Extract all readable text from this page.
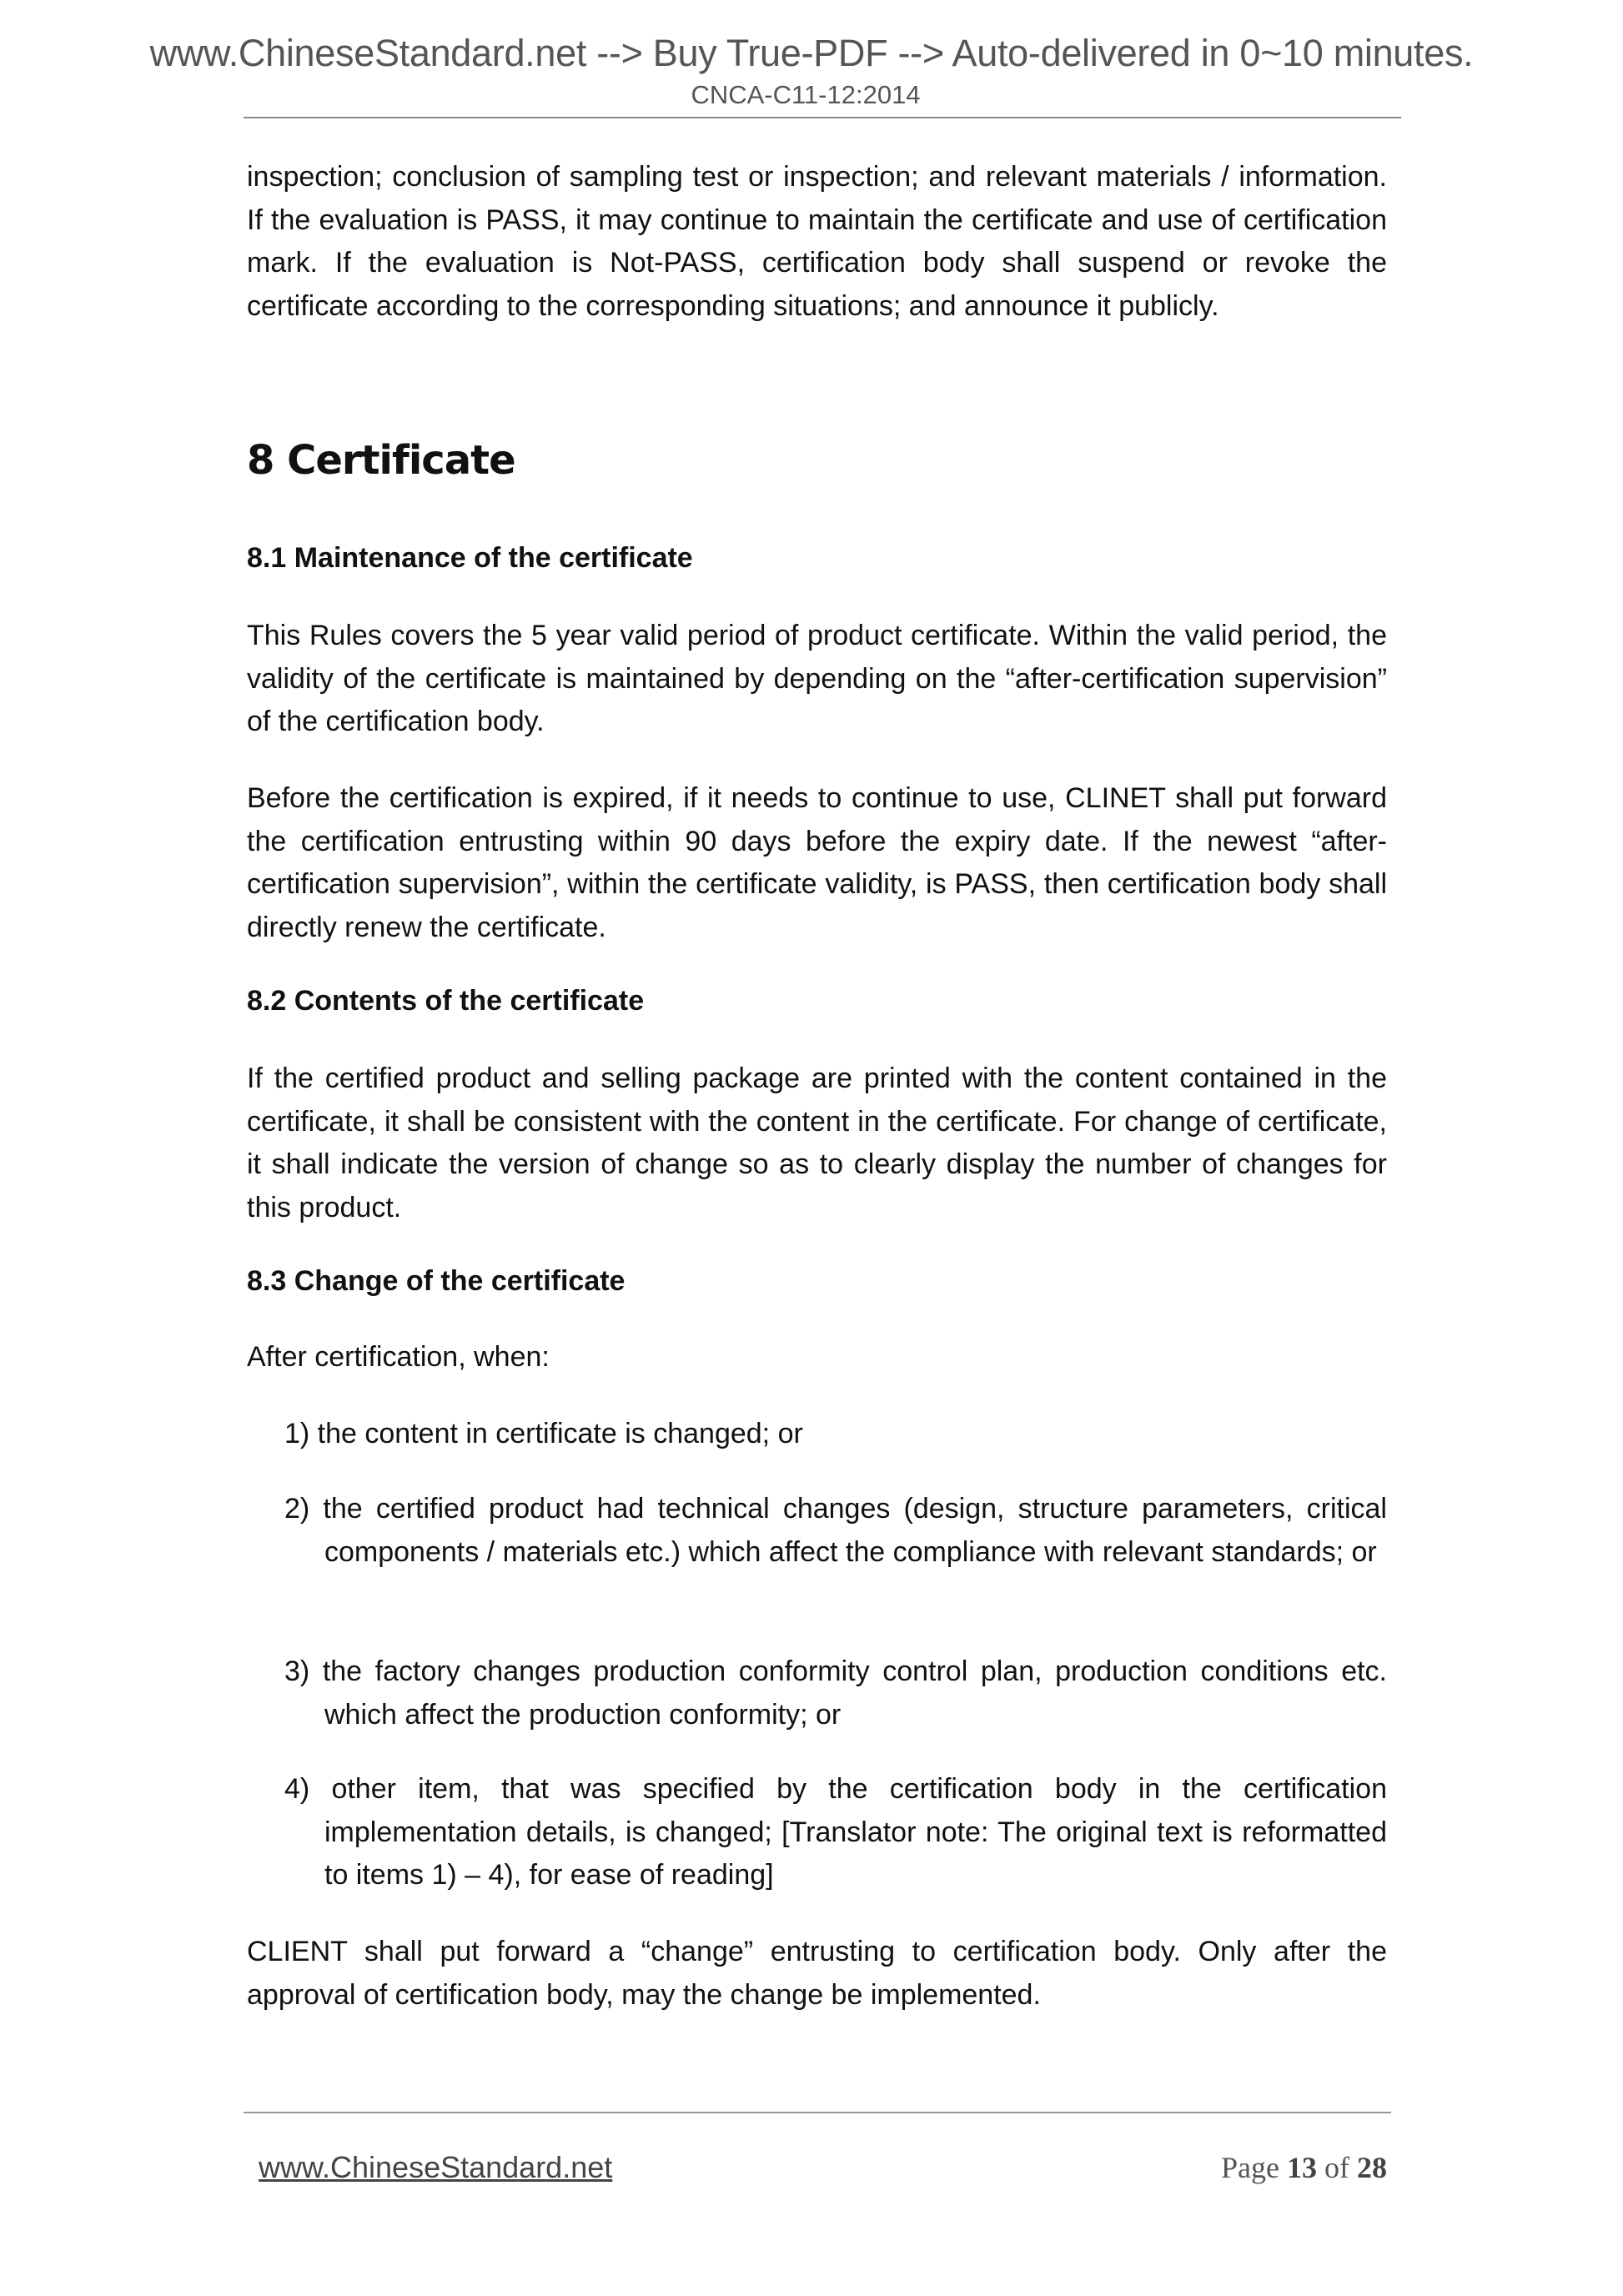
www.ChineseStandard.net --> Buy True-PDF --> Auto-delivered in 0~10 minutes.
CNCA-C11-12:2014
inspection; conclusion of sampling test or inspection; and relevant materials / information. If the evaluation is PASS, it may continue to maintain the certificate and use of certification mark. If the evaluation is Not-PASS, certification body shall suspend or revoke the certificate according to the corresponding situations; and announce it publicly.
8 Certificate
8.1 Maintenance of the certificate
This Rules covers the 5 year valid period of product certificate. Within the valid period, the validity of the certificate is maintained by depending on the “after-certification supervision” of the certification body.
Before the certification is expired, if it needs to continue to use, CLINET shall put forward the certification entrusting within 90 days before the expiry date. If the newest “after-certification supervision”, within the certificate validity, is PASS, then certification body shall directly renew the certificate.
8.2 Contents of the certificate
If the certified product and selling package are printed with the content contained in the certificate, it shall be consistent with the content in the certificate. For change of certificate, it shall indicate the version of change so as to clearly display the number of changes for this product.
8.3 Change of the certificate
After certification, when:
1) the content in certificate is changed; or
2) the certified product had technical changes (design, structure parameters, critical components / materials etc.) which affect the compliance with relevant standards; or
3) the factory changes production conformity control plan, production conditions etc. which affect the production conformity; or
4) other item, that was specified by the certification body in the certification implementation details, is changed; [Translator note: The original text is reformatted to items 1) – 4), for ease of reading]
CLIENT shall put forward a “change” entrusting to certification body. Only after the approval of certification body, may the change be implemented.
www.ChineseStandard.net	Page 13 of 28
